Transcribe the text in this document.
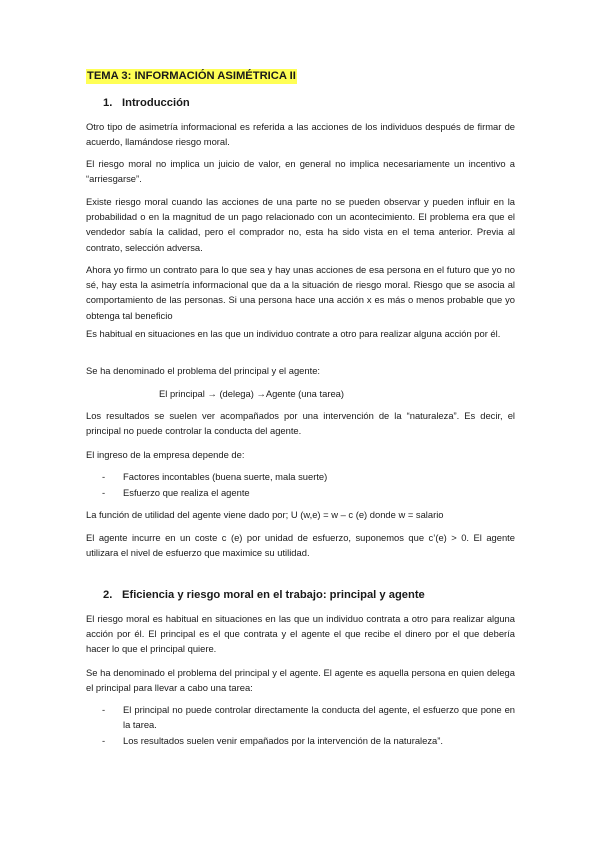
TEMA 3: INFORMACIÓN ASIMÉTRICA II
1. Introducción

Otro tipo de asimetría informacional es referida a las acciones de los individuos después de firmar de acuerdo, llamándose riesgo moral.

El riesgo moral no implica un juicio de valor, en general no implica necesariamente un incentivo a “arriesgarse”.

Existe riesgo moral cuando las acciones de una parte no se pueden observar y pueden influir en la probabilidad o en la magnitud de un pago relacionado con un acontecimiento. El problema era que el vendedor sabía la calidad, pero el comprador no, esta ha sido vista en el tema anterior. Previa al contrato, selección adversa.

Ahora yo firmo un contrato para lo que sea y hay unas acciones de esa persona en el futuro que yo no sé, hay esta la asimetría informacional que da a la situación de riesgo moral. Riesgo que se asocia al comportamiento de las personas. Si una persona hace una acción x es más o menos probable que yo obtenga tal beneficio

Es habitual en situaciones en las que un individuo contrate a otro para realizar alguna acción por él.

Se ha denominado el problema del principal y el agente:

El principal → (delega) →Agente (una tarea)

Los resultados se suelen ver acompañados por una intervención de la “naturaleza”. Es decir, el principal no puede controlar la conducta del agente.

El ingreso de la empresa depende de:

- Factores incontables (buena suerte, mala suerte)
- Esfuerzo que realiza el agente

La función de utilidad del agente viene dado por; U (w,e) = w – c (e) donde w = salario

El agente incurre en un coste c (e) por unidad de esfuerzo, suponemos que c’(e) > 0. El agente utilizara el nivel de esfuerzo que maximice su utilidad.

2. Eficiencia y riesgo moral en el trabajo: principal y agente

El riesgo moral es habitual en situaciones en las que un individuo contrata a otro para realizar alguna acción por él. El principal es el que contrata y el agente el que recibe el dinero por el que debería hacer lo que el principal quiere.

Se ha denominado el problema del principal y el agente. El agente es aquella persona en quien delega el principal para llevar a cabo una tarea:

- El principal no puede controlar directamente la conducta del agente, el esfuerzo que pone en la tarea.
- Los resultados suelen venir empañados por la intervención de la naturaleza”.
